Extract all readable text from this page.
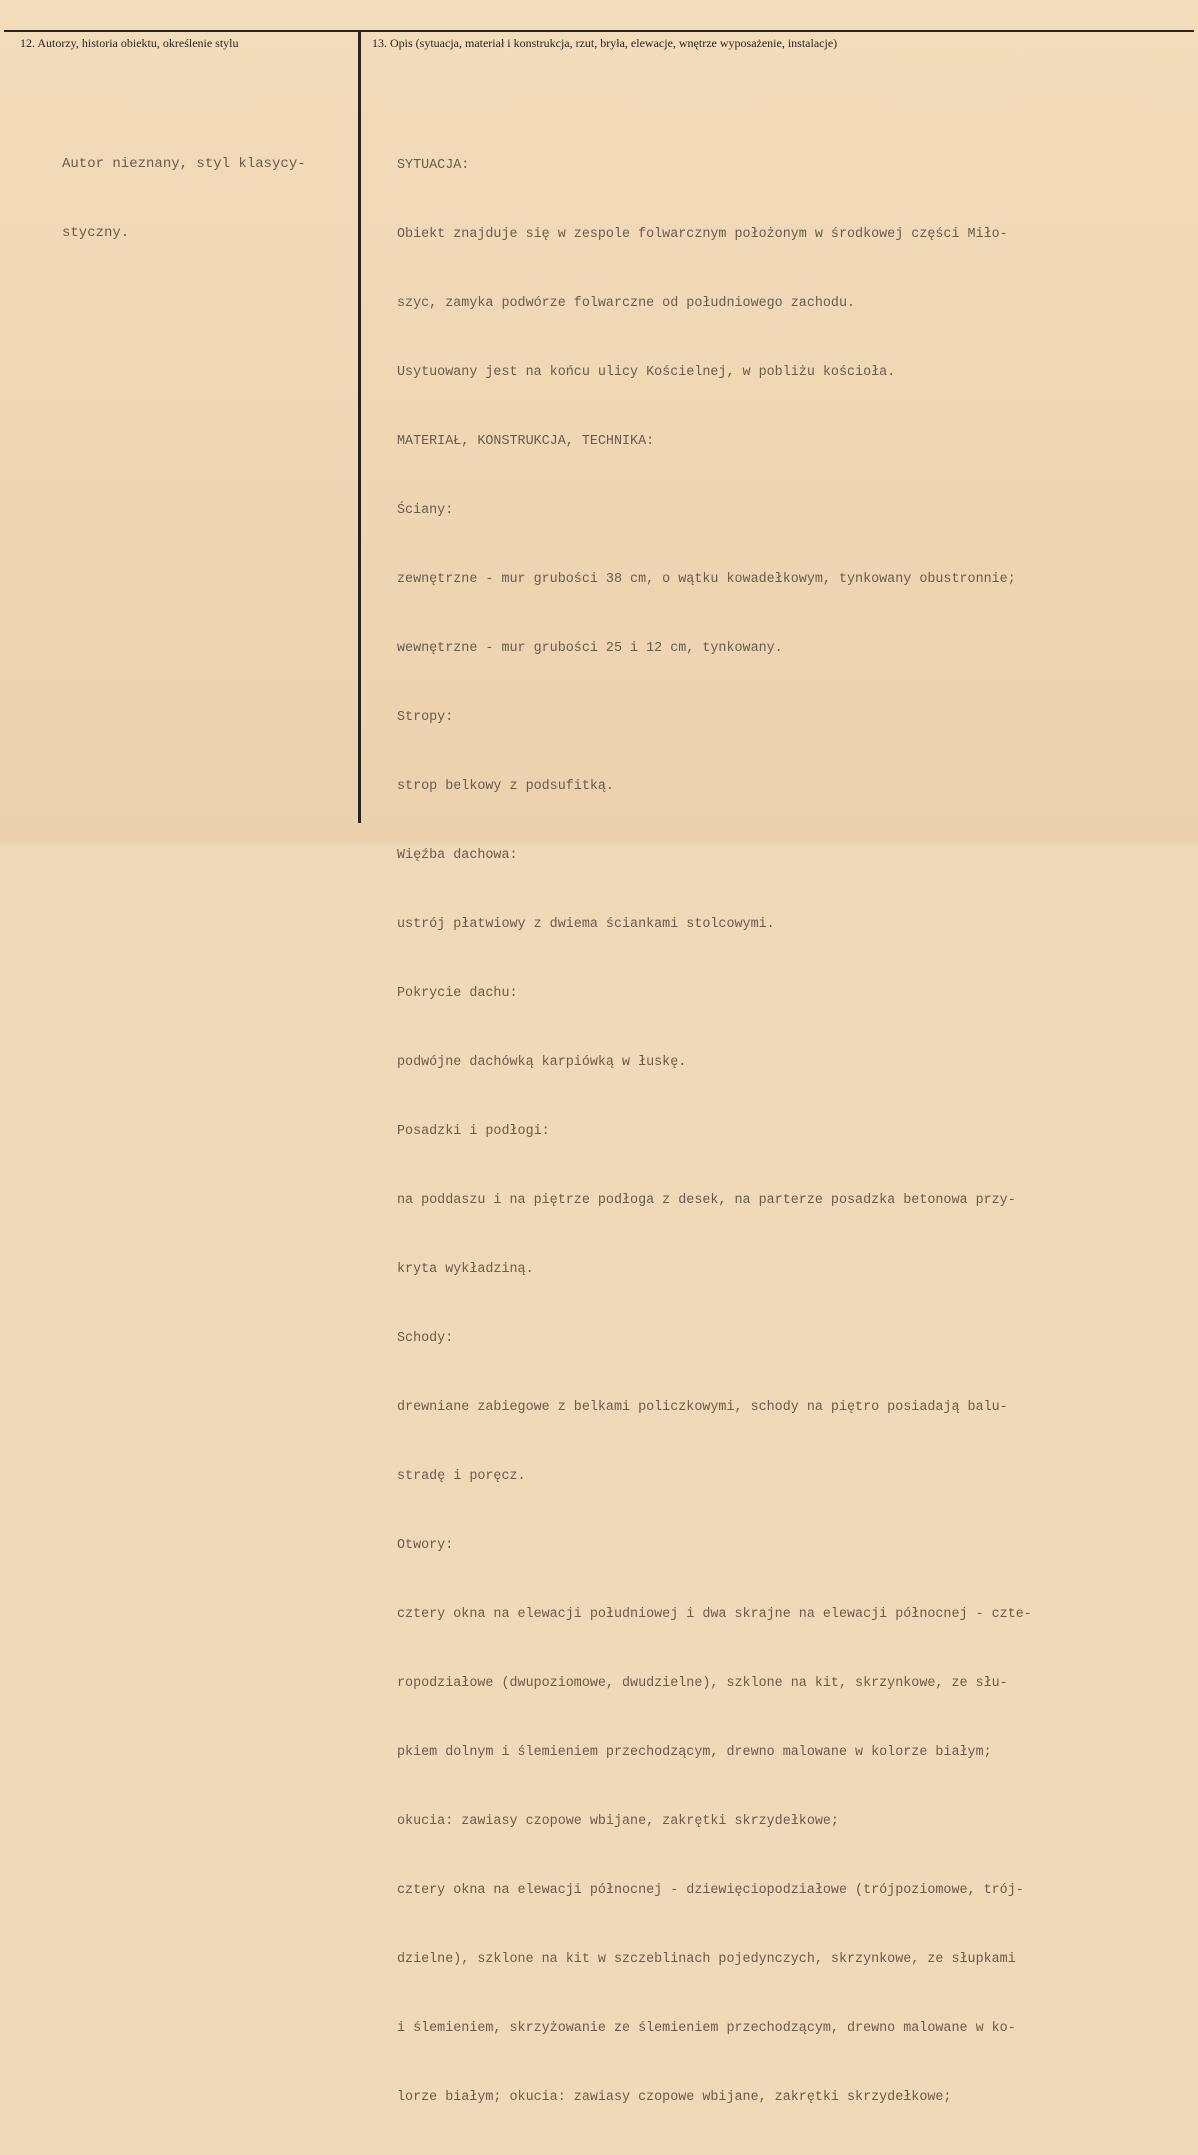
12. Autorzy, historia obiektu, określenie stylu	13. Opis (sytuacja, materiał i konstrukcja, rzut, bryła, elewacje, wnętrze wyposażenie, instalacje)

Autor nieznany, styl klasycy-

styczny.

SYTUACJA:

Obiekt znajduje się w zespole folwarcznym położonym w środkowej części Miło-

szyc, zamyka podwórze folwarczne od południowego zachodu.

Usytuowany jest na końcu ulicy Kościelnej, w pobliżu kościoła.

MATERIAŁ, KONSTRUKCJA, TECHNIKA:

Ściany:

zewnętrzne - mur grubości 38 cm, o wątku kowadełkowym, tynkowany obustronnie;

wewnętrzne - mur grubości 25 i 12 cm, tynkowany.

Stropy:

strop belkowy z podsufitką.

Więźba dachowa:

ustrój płatwiowy z dwiema ściankami stolcowymi.

Pokrycie dachu:

podwójne dachówką karpiówką w łuskę.

Posadzki i podłogi:

na poddaszu i na piętrze podłoga z desek, na parterze posadzka betonowa przy-

kryta wykładziną.

Schody:

drewniane zabiegowe z belkami policzkowymi, schody na piętro posiadają balu-

stradę i poręcz.

Otwory:

cztery okna na elewacji południowej i dwa skrajne na elewacji północnej - czte-

ropodziałowe (dwupoziomowe, dwudzielne), szklone na kit, skrzynkowe, ze słu-

pkiem dolnym i ślemieniem przechodzącym, drewno malowane w kolorze białym;

okucia: zawiasy czopowe wbijane, zakrętki skrzydełkowe;

cztery okna na elewacji północnej - dziewięciopodziałowe (trójpoziomowe, trój-

dzielne), szklone na kit w szczeblinach pojedynczych, skrzynkowe, ze słupkami

i ślemieniem, skrzyżowanie ze ślemieniem przechodzącym, drewno malowane w ko-

lorze białym; okucia: zawiasy czopowe wbijane, zakrętki skrzydełkowe;
